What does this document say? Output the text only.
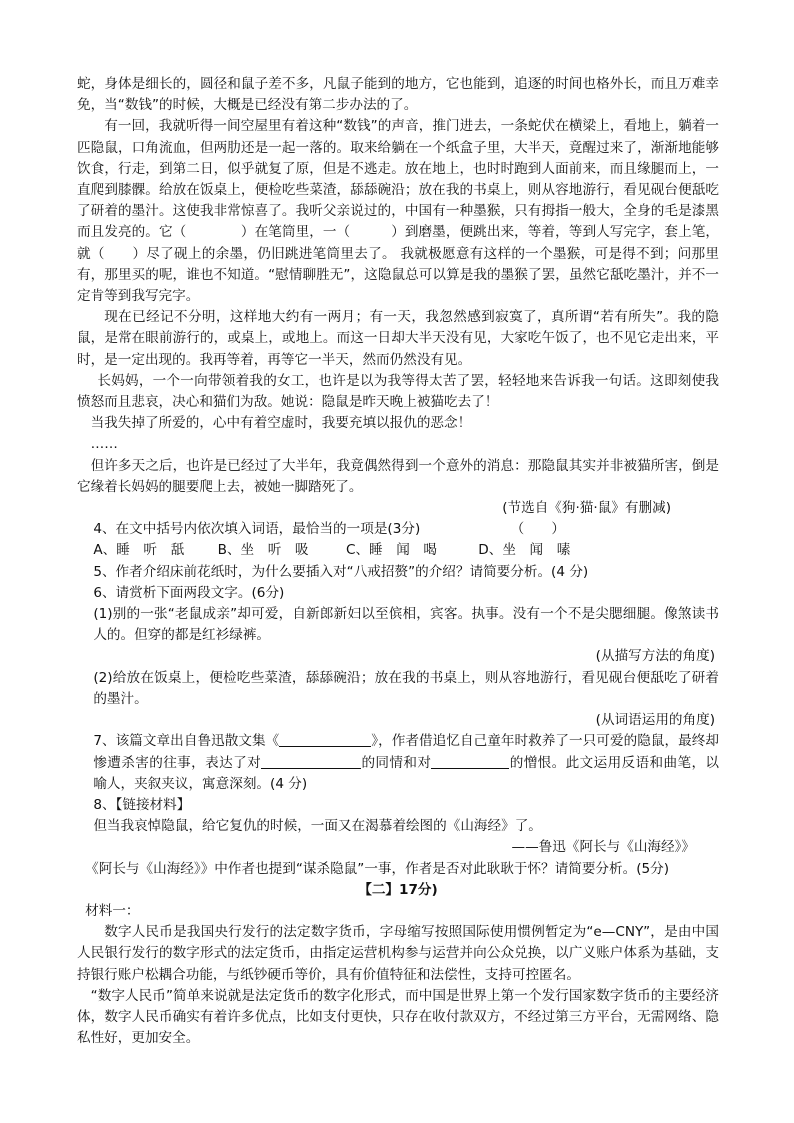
蛇，身体是细长的，圆径和鼠子差不多，凡鼠子能到的地方，它也能到，追逐的时间也格外长，而且万难幸免，当“数钱”的时候，大概是已经没有第二步办法的了。

有一回，我就听得一间空屋里有着这种“数钱”的声音，推门进去，一条蛇伏在横梁上，看地上，躺着一匹隐鼠，口角流血，但两肋还是一起一落的。取来给躺在一个纸盒子里，大半天，竟醒过来了，渐渐地能够饮食，行走，到第二日，似乎就复了原，但是不逃走。放在地上，也时时跑到人面前来，而且缘腿而上，一直爬到膝髁。给放在饭桌上，便检吃些菜渣，舔舔碗沿；放在我的书桌上，则从容地游行，看见砚台便舐吃了研着的墨汁。这使我非常惊喜了。我听父亲说过的，中国有一种墨猴，只有拇指一般大，全身的毛是漆黑而且发亮的。它（　　　　）在笔筒里，一（　　　）到磨墨，便跳出来，等着，等到人写完字，套上笔，就（　　）尽了砚上的余墨，仍旧跳进笔筒里去了。 我就极愿意有这样的一个墨猴，可是得不到；问那里有，那里买的呢，谁也不知道。“慰情聊胜无”，这隐鼠总可以算是我的墨猴了罢，虽然它舐吃墨汁，并不一定肯等到我写完字。

现在已经记不分明，这样地大约有一两月；有一天，我忽然感到寂寞了，真所谓“若有所失”。我的隐鼠，是常在眼前游行的，或桌上，或地上。而这一日却大半天没有见，大家吃午饭了，也不见它走出来，平时，是一定出现的。我再等着，再等它一半天，然而仍然没有见。

长妈妈，一个一向带领着我的女工，也许是以为我等得太苦了罢，轻轻地来告诉我一句话。这即刻使我愤怒而且悲哀，决心和猫们为敌。她说：隐鼠是昨天晚上被猫吃去了！

当我失掉了所爱的，心中有着空虚时，我要充填以报仇的恶念！

……

但许多天之后，也许是已经过了大半年，我竟偶然得到一个意外的消息：那隐鼠其实并非被猫所害，倒是它缘着长妈妈的腿要爬上去，被她一脚踏死了。

(节选自《狗·猫·鼠》有删减)

4、在文中括号内依次填入词语，最恰当的一项是(3分)	（　　）

A、睡　听　舐 B、坐　听　吸	C、睡　闻　喝	D、坐　闻　嗉

5、作者介绍床前花纸时，为什么要插入对“八戒招赘”的介绍？请简要分析。(4 分)

6、请赏析下面两段文字。(6分)

(1)别的一张“老鼠成亲”却可爱，自新郎新妇以至傧相，宾客。执事。没有一个不是尖腮细腿。像煞读书人的。但穿的都是红衫绿裤。

(从描写方法的角度)

(2)给放在饭桌上，便检吃些菜渣，舔舔碗沿；放在我的书桌上，则从容地游行，看见砚台便舐吃了研着的墨汁。

(从词语运用的角度)

7、该篇文章出自鲁迅散文集《	》，作者借追忆自己童年时救养了一只可爱的隐鼠，最终却惨遭杀害的往事，表达了对	的同情和对	的憎恨。此文运用反语和曲笔，以喻人，夹叙夹议，寓意深刻。(4 分)

8、【链接材料】

但当我哀悼隐鼠，给它复仇的时候，一面又在渴慕着绘图的《山海经》了。

——鲁迅《阿长与《山海经》》

《阿长与《山海经》》中作者也提到“谋杀隐鼠”一事，作者是否对此耿耿于怀？请简要分析。(5分)

【二】17分)

材料一：

数字人民币是我国央行发行的法定数字货币，字母缩写按照国际使用惯例暂定为“e—CNY”，是由中国人民银行发行的数字形式的法定货币，由指定运营机构参与运营并向公众兑换，以广义账户体系为基础，支持银行账户松耦合功能，与纸钞硬币等价，具有价值特征和法偿性，支持可控匿名。

“数字人民币”简单来说就是法定货币的数字化形式，而中国是世界上第一个发行国家数字货币的主要经济体，数字人民币确实有着许多优点，比如支付更快，只存在收付款双方，不经过第三方平台，无需网络、隐私性好，更加安全。
